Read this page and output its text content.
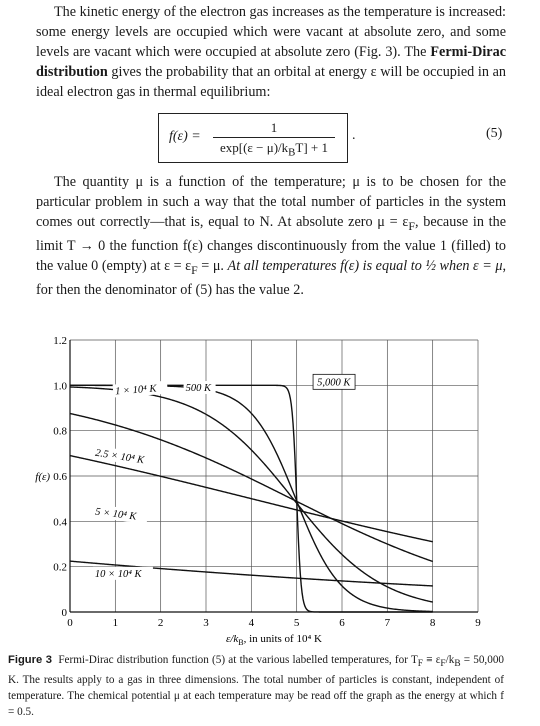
The kinetic energy of the electron gas increases as the temperature is increased: some energy levels are occupied which were vacant at absolute zero, and some levels are vacant which were occupied at absolute zero (Fig. 3). The Fermi-Dirac distribution gives the probability that an orbital at energy ε will be occupied in an ideal electron gas in thermal equilibrium:

f(ε) =
1
$\exp[(\varepsilon - \mu)/k_BT] + 1$
.	(5)

The quantity μ is a function of the temperature; μ is to be chosen for the particular problem in such a way that the total number of particles in the system comes out correctly—that is, equal to N. At absolute zero $\mu = \varepsilon_F$, because in the limit T → 0 the function f(ε) changes discontinuously from the value 1 (filled) to the value 0 (empty) at $\varepsilon = \varepsilon_F = \mu$. At all temperatures f(ε) is equal to ½ when ε = μ, for then the denominator of (5) has the value 2.

0	1	2	3	4	5	6	7	8	9
0
0.2
0.4
0.6
0.8
1.0
1.2
$\varepsilon/k_B$, in units of 10⁴ K
f(ε)
500 K
5,000 K
1 × 10⁴ K
2.5 × 10⁴ K
5 × 10⁴ K
10 × 10⁴ K

Figure 3 Fermi-Dirac distribution function (5) at the various labelled temperatures, for $T_F \equiv \varepsilon_F/k_B = 50,000$ K. The results apply to a gas in three dimensions. The total number of particles is constant, independent of temperature. The chemical potential μ at each temperature may be read off the graph as the energy at which f = 0.5.
